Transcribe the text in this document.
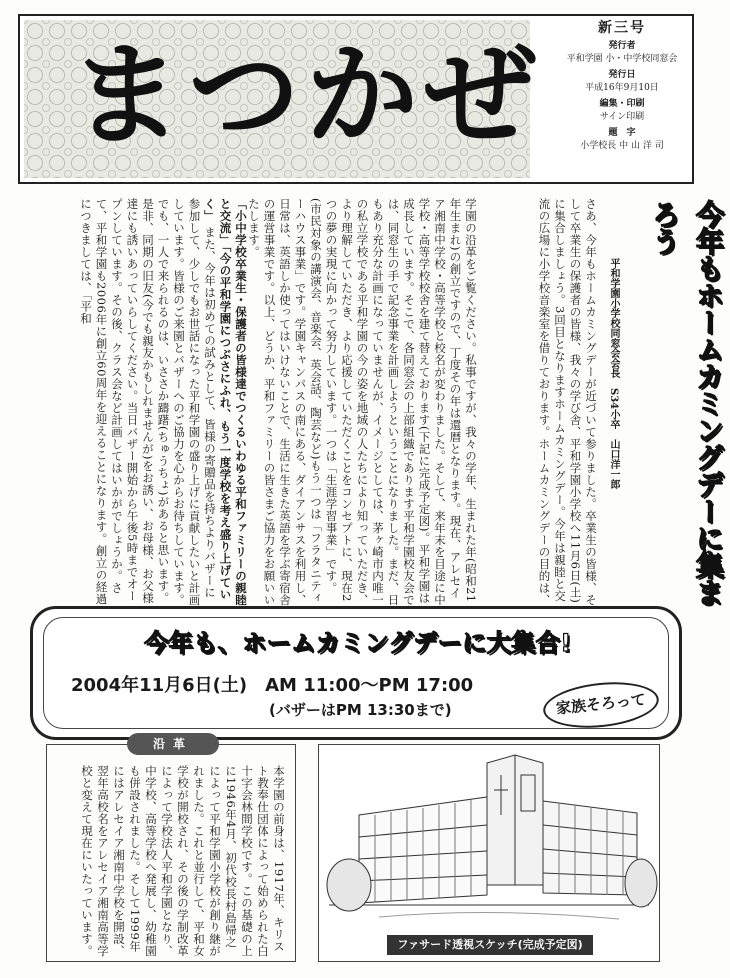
まつかぜ
新三号
発行者
平和学園 小・中学校同窓会
発行日
平成16年9月10日
編集・印刷
サイン印刷
題　字
小学校長 中 山 洋 司
今年もホームカミングデーに集まろう
平和学園小学校同窓会会長　S34小卒　山口洋一郎
さあ、今年もホームカミングデーが近づいて参りました。卒業生の皆様、そして卒業生の保護者の皆様、我々の学び舎、平和学園小学校へ11月6日(土)に集合しましょう。3回目となりますホームカミングデー。今年は親睦と交流の広場に小学校音楽室を借りております。ホームカミングデーの目的は、
学園の沿革をご覧ください。私事ですが、我々の学年、生まれた年(昭和21年生まれ)の創立ですので、丁度その年は還暦となります。現在、アレセイア湘南中学校・高等学校と校名が変わりました。そして、来年末を目途に中学校・高等学校校舎を建て替えております(下記に完成予定図)。平和学園は成長しています。そこで、各同窓会の上部組織であります平和学園校友会では、同窓生の手で記念事業を計画しようということになりました。まだ、日もあり充分な計画になっていませんが、イメージとしては、茅ヶ崎市内唯一の私立学校である平和学園の今の姿を地域の人たちにより知っていただき、より理解していただき、より応援していただくことをコンセプトに、現在2つの夢の実現に向かって努力しています。一つは「生涯学習事業」です。(市民対象の講演会、音楽会、英会話、陶芸など)もう一つは「フラタニティーハウス事業」です。学園キャンパスの南にある、ダイアンサスを利用し、日常は、英語しか使ってはいけないことで、生活に生きた英語を学ぶ寄宿舎の運営事業です。以上、どうか、平和ファミリーの皆さまご協力をお願いいたします。
「小中学校卒業生・保護者の皆様達でつくるいわゆる平和ファミリーの親睦と交流」「今の平和学園につぶさにふれ、もう一度学校を考え盛り上げていく」 また、今年は初めての試みとして、皆様の寄贈品を持ちよりバザーに参加して、少しでもお世話になった平和学園の盛り上げに貢献したいと計画しています。皆様のご来園とバザーへのご協力を心からお待ちしています。でも、一人で来られるのは、いささか躊躇(ちゅうちょ)があると思います。是非、同期の旧友(今でも親友かもしれませんが)をお誘い、お母様、お父様達にも誘いあっていらしてください。当日バザー開始から午後5時までオープンしています。その後、クラス会など計画してはいかがでしょうか。さて、平和学園も2006年に創立60周年を迎えることになります。創立の経過につきましては、「平和
今年も、ホームカミングデーに大集合!
2004年11月6日(土)　AM 11:00〜PM 17:00
(バザーはPM 13:30まで)	家族そろって
沿革
本学園の前身は、1917年、キリスト教奉仕団体によって始められた白十字会林間学校です。この基礎の上に1946年4月、初代校長村島帰之によって平和学園小学校が創り継がれました。これと並行して、平和女学校が開校され、その後の学制改革によって学校法人平和学園となり、中学校、高等学校へ発展し、幼稚園も併設されました。そして1999年にはアレセイア湘南中学校を開設、翌年高校名をアレセイア湘南高等学校と変えて現在にいたっています。	ファサード透視スケッチ(完成予定図)
